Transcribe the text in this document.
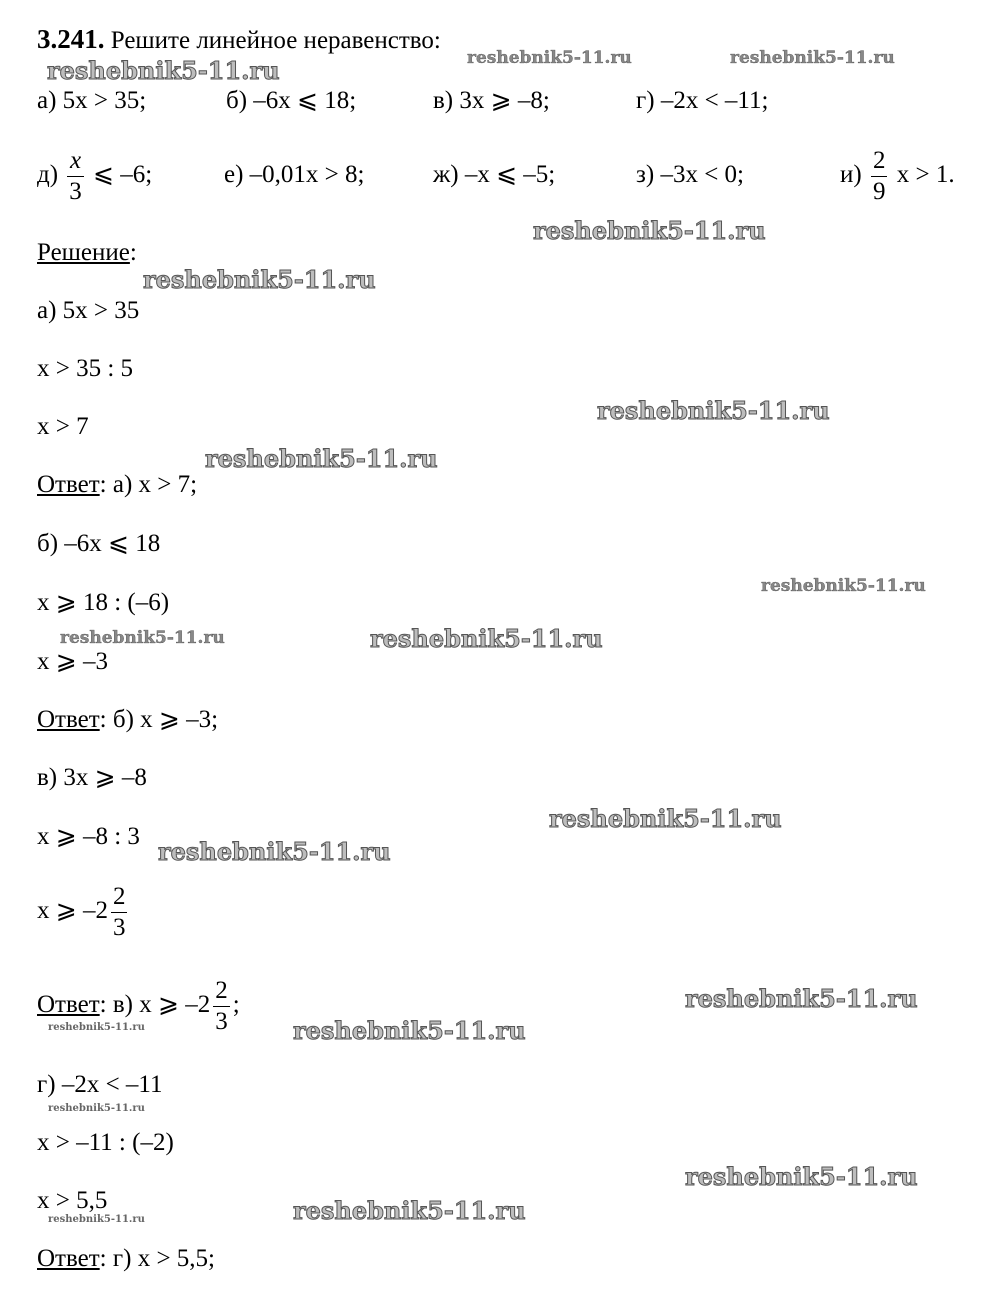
3.241. Решите линейное неравенство:
а) 5х > 35;	б) –6х ⩽ 18;	в) 3х ⩾ –8;	г) –2х < –11;
$д) \frac{x}{3}$ ⩽ –6;	е) –0,01х > 8;	ж) –х ⩽ –5;	з) –3х < 0;	$и) \frac{2}{9}$ х > 1.
Решение:
а) 5х > 35
х > 35 : 5
х > 7
Ответ: а) х > 7;
б) –6х ⩽ 18
х ⩾ 18 : (–6)
х ⩾ –3
Ответ: б) х ⩾ –3;
в) 3х ⩾ –8
х ⩾ –8 : 3
х ⩾ $-2 \frac{2}{3}$
Ответ: в) х ⩾ $-2 \frac{2}{3}$ ;
г) –2х < –11
х > –11 : (–2)
х > 5,5
Ответ: г) х > 5,5;
reshebnik5-11.ru	reshebnik5-11.ru	reshebnik5-11.ru
reshebnik5-11.ru
reshebnik5-11.ru
reshebnik5-11.ru
reshebnik5-11.ru
reshebnik5-11.ru
reshebnik5-11.ru	reshebnik5-11.ru
reshebnik5-11.ru
reshebnik5-11.ru
reshebnik5-11.ru
reshebnik5-11.ru
reshebnik5-11.ru
reshebnik5-11.ru
reshebnik5-11.ru
reshebnik5-11.ru
reshebnik5-11.ru
